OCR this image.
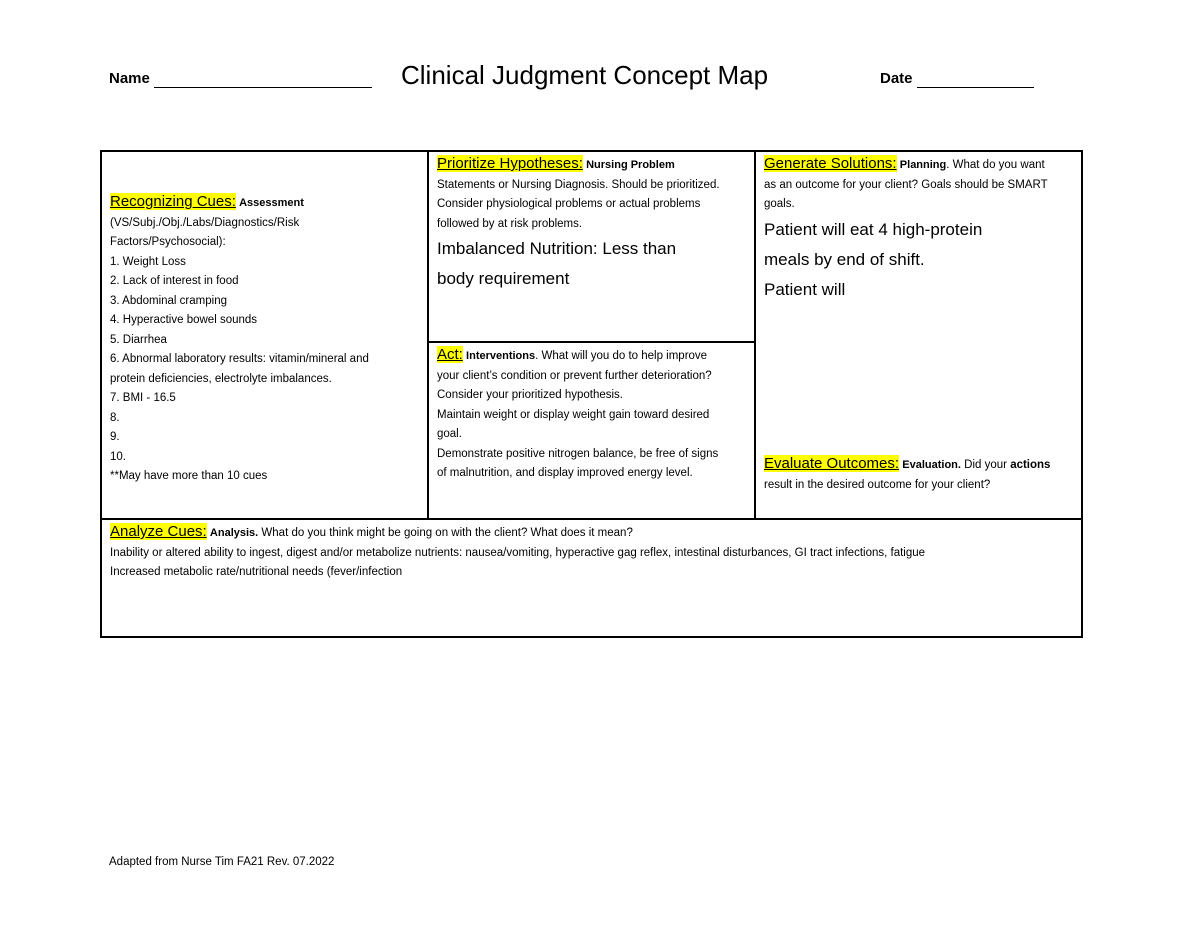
Name	Clinical Judgment Concept Map	Date
Recognizing Cues: Assessment
(VS/Subj./Obj./Labs/Diagnostics/Risk
Factors/Psychosocial):
1. Weight Loss
2. Lack of interest in food
3. Abdominal cramping
4. Hyperactive bowel sounds
5. Diarrhea
6. Abnormal laboratory results: vitamin/mineral and
protein deficiencies, electrolyte imbalances.
7. BMI - 16.5
8.
9.
10.
**May have more than 10 cues
Prioritize Hypotheses: Nursing Problem
Statements or Nursing Diagnosis. Should be prioritized.
Consider physiological problems or actual problems
followed by at risk problems.
Imbalanced Nutrition: Less than
body requirement
Act: Interventions. What will you do to help improve
your client’s condition or prevent further deterioration?
Consider your prioritized hypothesis.
Maintain weight or display weight gain toward desired
goal.
Demonstrate positive nitrogen balance, be free of signs
of malnutrition, and display improved energy level.
Generate Solutions: Planning. What do you want
as an outcome for your client? Goals should be SMART
goals.
Patient will eat 4 high-protein
meals by end of shift.
Patient will
Evaluate Outcomes: Evaluation. Did your actions
result in the desired outcome for your client?
Analyze Cues: Analysis. What do you think might be going on with the client? What does it mean?
Inability or altered ability to ingest, digest and/or metabolize nutrients: nausea/vomiting, hyperactive gag reflex, intestinal disturbances, GI tract infections, fatigue
Increased metabolic rate/nutritional needs (fever/infection
Adapted from Nurse Tim FA21 Rev. 07.2022
